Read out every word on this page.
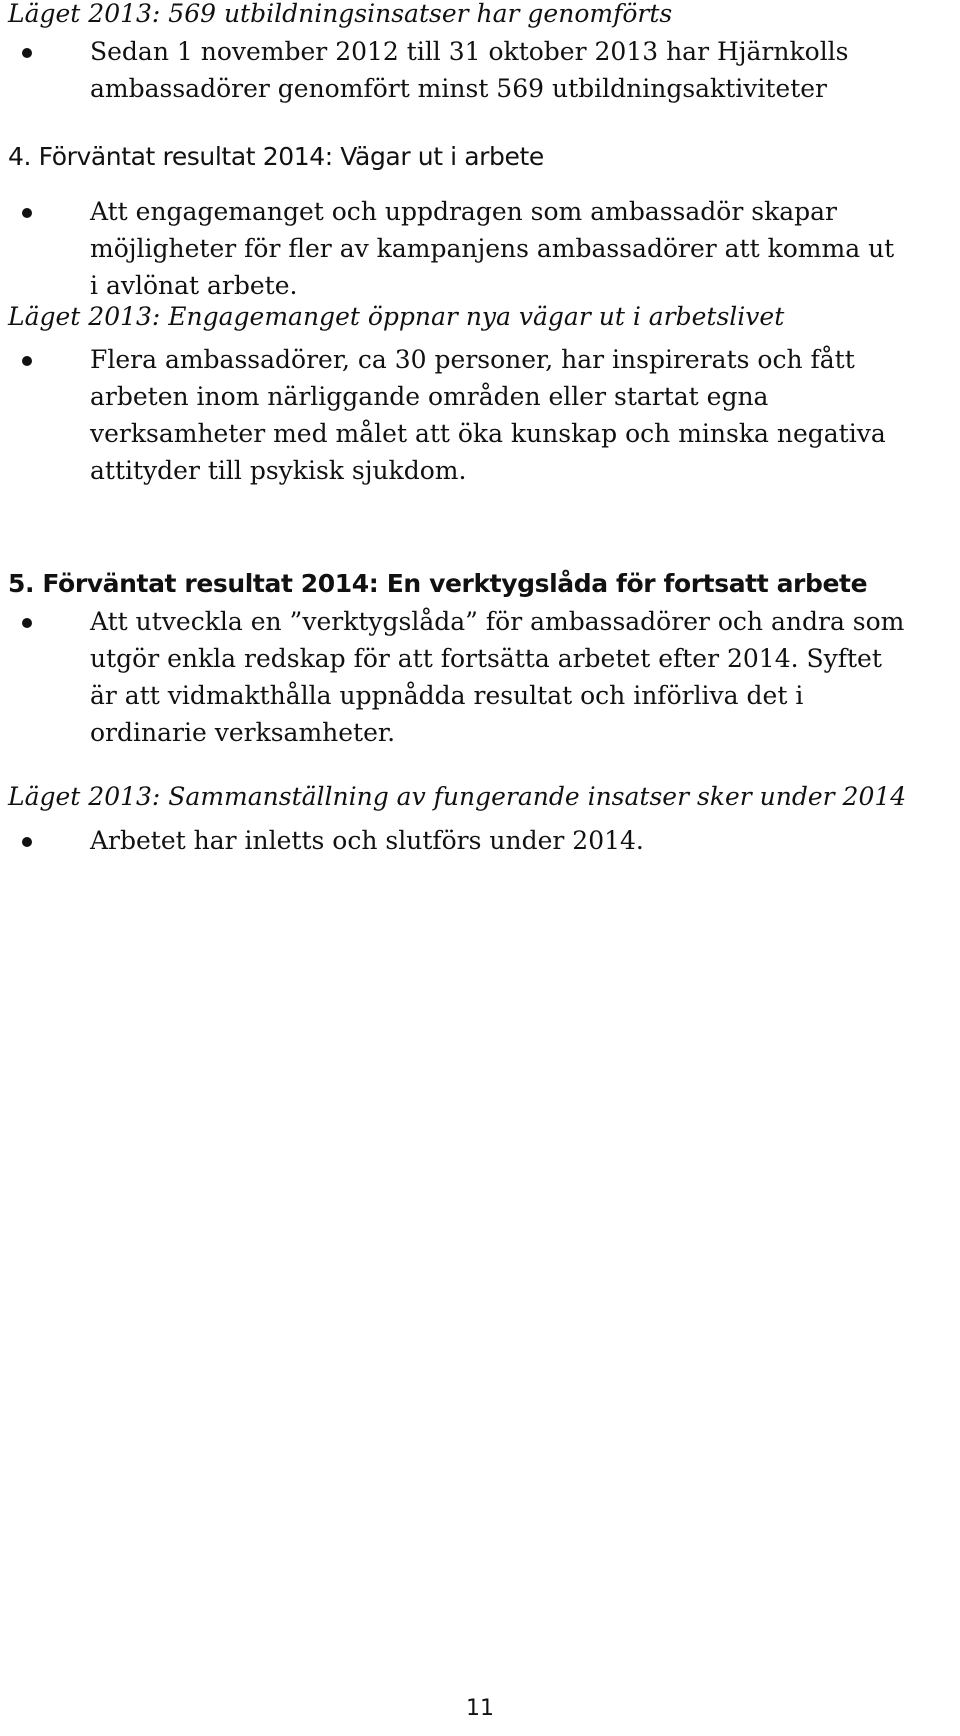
Läget 2013: 569 utbildningsinsatser har genomförts
Sedan 1 november 2012 till 31 oktober 2013 har Hjärnkolls
ambassadörer genomfört minst 569 utbildningsaktiviteter
4. Förväntat resultat 2014: Vägar ut i arbete
Att engagemanget och uppdragen som ambassadör skapar
möjligheter för fler av kampanjens ambassadörer att komma ut
i avlönat arbete.
Läget 2013: Engagemanget öppnar nya vägar ut i arbetslivet
Flera ambassadörer, ca 30 personer, har inspirerats och fått
arbeten inom närliggande områden eller startat egna
verksamheter med målet att öka kunskap och minska negativa
attityder till psykisk sjukdom.
5. Förväntat resultat 2014: En verktygslåda för fortsatt arbete
Att utveckla en ”verktygslåda” för ambassadörer och andra som
utgör enkla redskap för att fortsätta arbetet efter 2014. Syftet
är att vidmakthålla uppnådda resultat och införliva det i
ordinarie verksamheter.
Läget 2013: Sammanställning av fungerande insatser sker under 2014
Arbetet har inletts och slutförs under 2014.
11
